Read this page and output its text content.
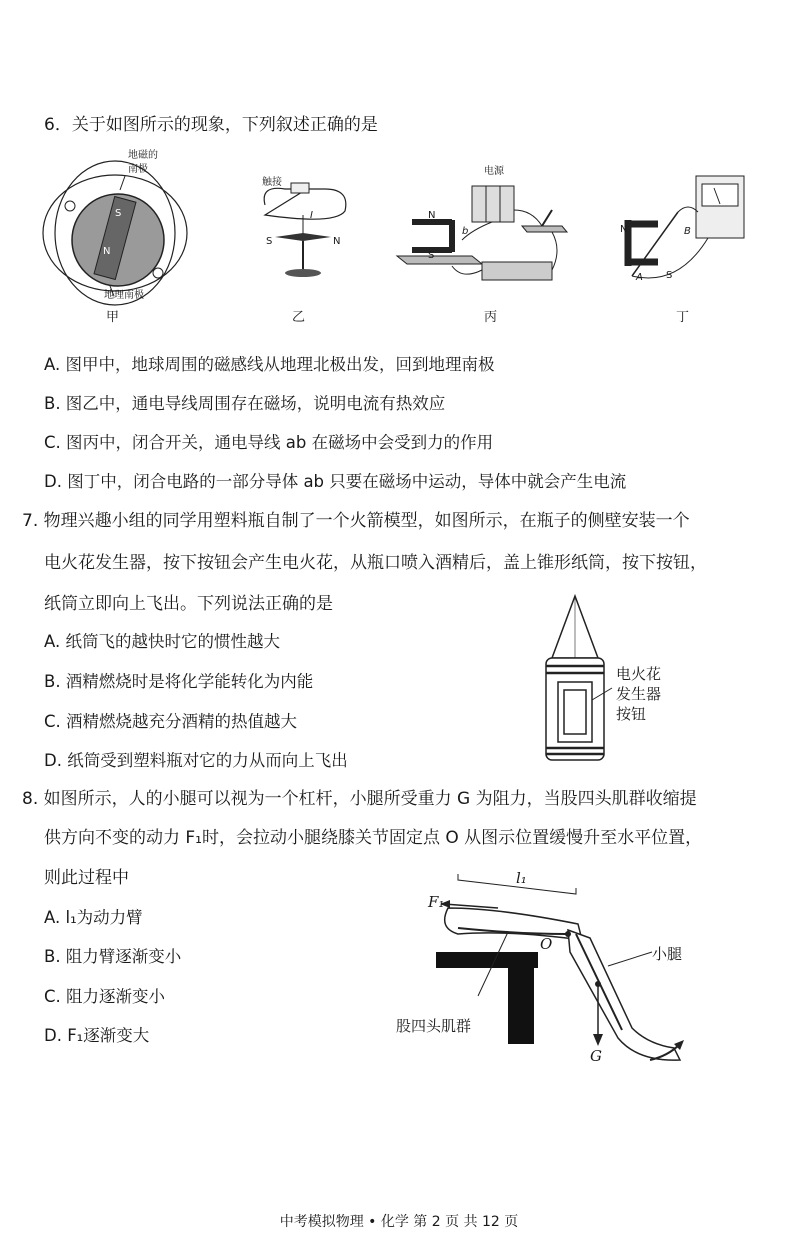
6．关于如图所示的现象，下列叙述正确的是
地磁的
南极
S
N
地理南极
甲
触接
I
S	N
乙
电源
N
S
b
丙
N
S
A
B
丁
A. 图甲中，地球周围的磁感线从地理北极出发，回到地理南极
B. 图乙中，通电导线周围存在磁场，说明电流有热效应
C. 图丙中，闭合开关，通电导线 ab 在磁场中会受到力的作用
D. 图丁中，闭合电路的一部分导体 ab 只要在磁场中运动，导体中就会产生电流
7. 物理兴趣小组的同学用塑料瓶自制了一个火箭模型，如图所示，在瓶子的侧壁安装一个
电火花发生器，按下按钮会产生电火花，从瓶口喷入酒精后，盖上锥形纸筒，按下按钮，
纸筒立即向上飞出。下列说法正确的是
A. 纸筒飞的越快时它的惯性越大
B. 酒精燃烧时是将化学能转化为内能
C. 酒精燃烧越充分酒精的热值越大
D. 纸筒受到塑料瓶对它的力从而向上飞出
电火花
发生器
按钮
8. 如图所示，人的小腿可以视为一个杠杆，小腿所受重力 G 为阻力，当股四头肌群收缩提
供方向不变的动力 F₁时，会拉动小腿绕膝关节固定点 O 从图示位置缓慢升至水平位置，
则此过程中
A. l₁为动力臂
B. 阻力臂逐渐变小
C. 阻力逐渐变小
D. F₁逐渐变大
F₁
l₁
O
G
小腿
股四头肌群
中考模拟物理 • 化学 第 2 页 共 12 页
